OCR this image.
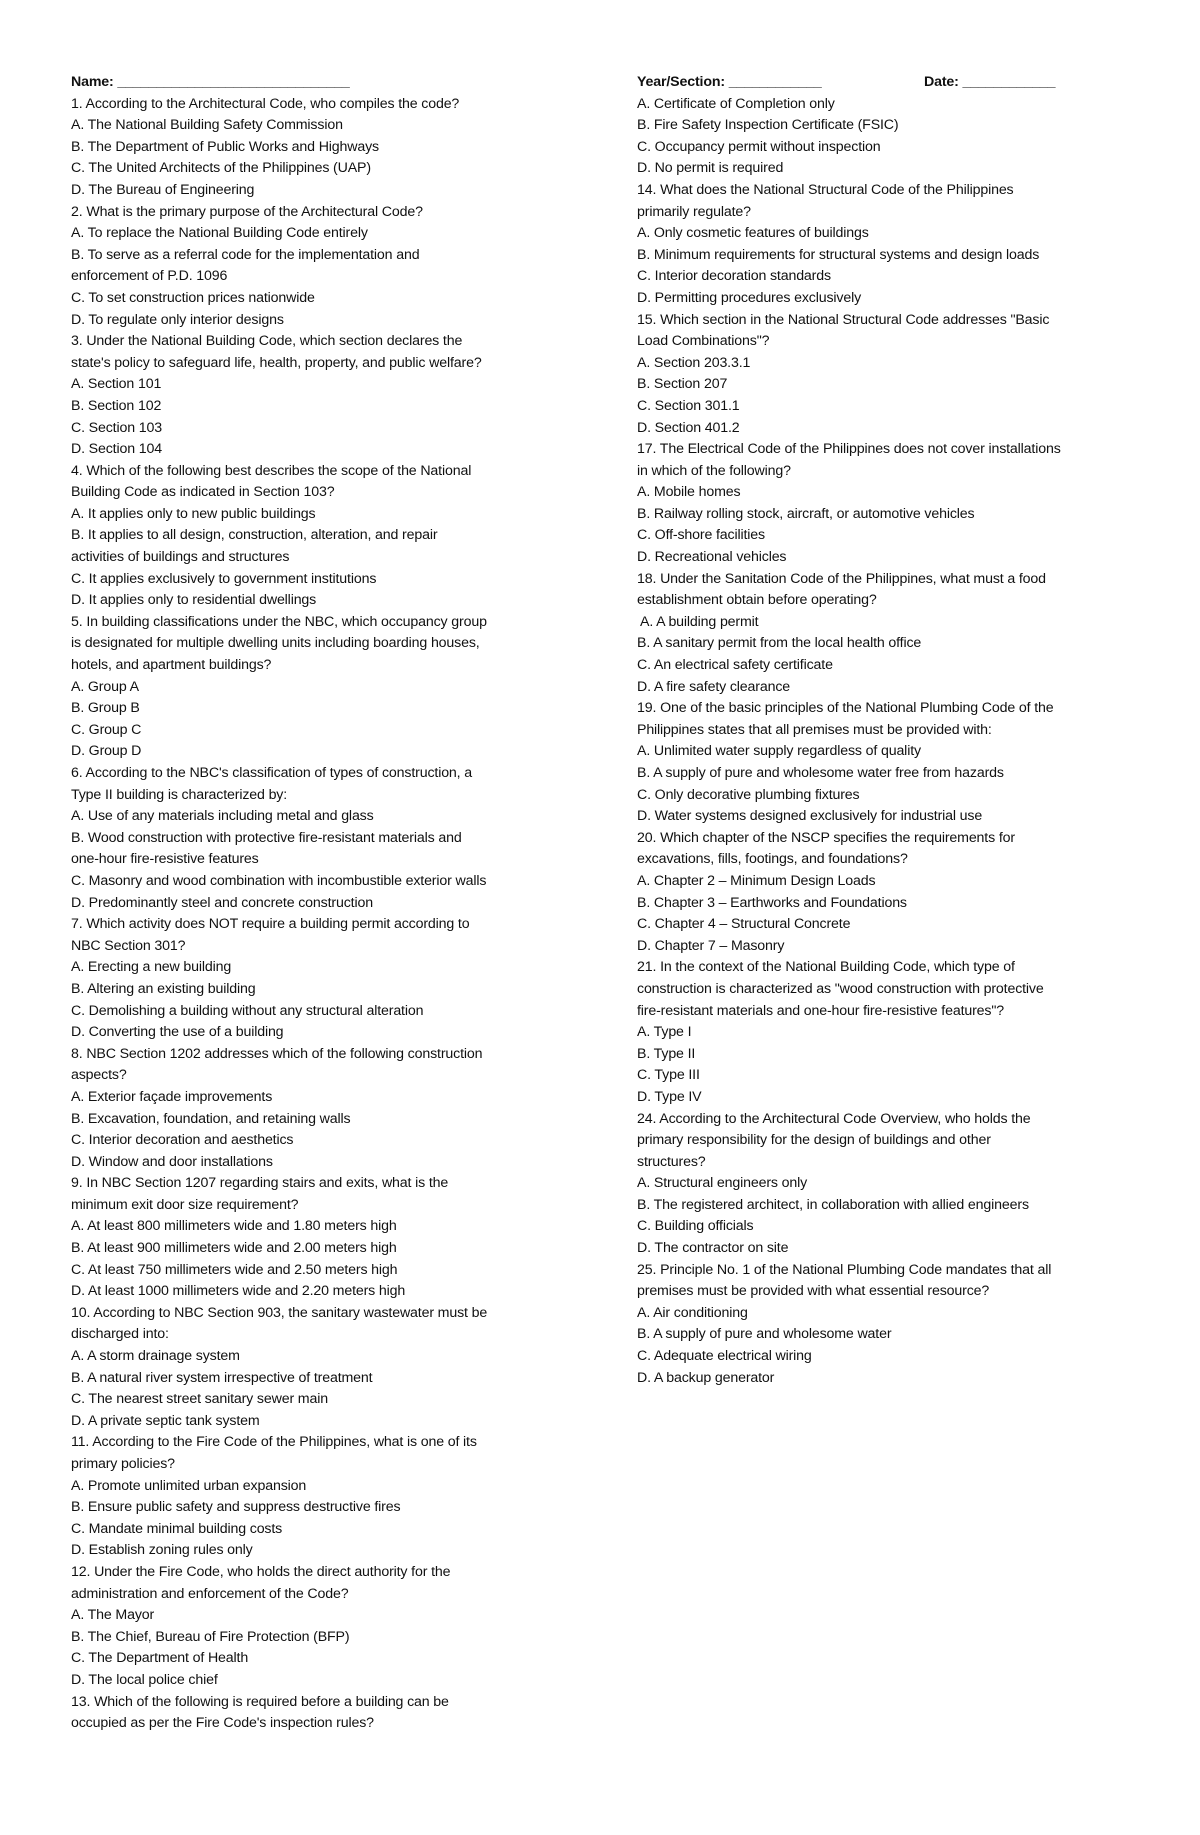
Name: ______________________________
1. According to the Architectural Code, who compiles the code?
A. The National Building Safety Commission
B. The Department of Public Works and Highways
C. The United Architects of the Philippines (UAP)
D. The Bureau of Engineering
2. What is the primary purpose of the Architectural Code?
A. To replace the National Building Code entirely
B. To serve as a referral code for the implementation and
enforcement of P.D. 1096
C. To set construction prices nationwide
D. To regulate only interior designs
3. Under the National Building Code, which section declares the
state's policy to safeguard life, health, property, and public welfare?
A. Section 101
B. Section 102
C. Section 103
D. Section 104
4. Which of the following best describes the scope of the National
Building Code as indicated in Section 103?
A. It applies only to new public buildings
B. It applies to all design, construction, alteration, and repair
activities of buildings and structures
C. It applies exclusively to government institutions
D. It applies only to residential dwellings
5. In building classifications under the NBC, which occupancy group
is designated for multiple dwelling units including boarding houses,
hotels, and apartment buildings?
A. Group A
B. Group B
C. Group C
D. Group D
6. According to the NBC's classification of types of construction, a
Type II building is characterized by:
A. Use of any materials including metal and glass
B. Wood construction with protective fire-resistant materials and
one-hour fire-resistive features
C. Masonry and wood combination with incombustible exterior walls
D. Predominantly steel and concrete construction
7. Which activity does NOT require a building permit according to
NBC Section 301?
A. Erecting a new building
B. Altering an existing building
C. Demolishing a building without any structural alteration
D. Converting the use of a building
8. NBC Section 1202 addresses which of the following construction
aspects?
A. Exterior façade improvements
B. Excavation, foundation, and retaining walls
C. Interior decoration and aesthetics
D. Window and door installations
9. In NBC Section 1207 regarding stairs and exits, what is the
minimum exit door size requirement?
A. At least 800 millimeters wide and 1.80 meters high
B. At least 900 millimeters wide and 2.00 meters high
C. At least 750 millimeters wide and 2.50 meters high
D. At least 1000 millimeters wide and 2.20 meters high
10. According to NBC Section 903, the sanitary wastewater must be
discharged into:
A. A storm drainage system
B. A natural river system irrespective of treatment
C. The nearest street sanitary sewer main
D. A private septic tank system
11. According to the Fire Code of the Philippines, what is one of its
primary policies?
A. Promote unlimited urban expansion
B. Ensure public safety and suppress destructive fires
C. Mandate minimal building costs
D. Establish zoning rules only
12. Under the Fire Code, who holds the direct authority for the
administration and enforcement of the Code?
A. The Mayor
B. The Chief, Bureau of Fire Protection (BFP)
C. The Department of Health
D. The local police chief
13. Which of the following is required before a building can be
occupied as per the Fire Code's inspection rules?
Year/Section: ____________	Date: ____________
A. Certificate of Completion only
B. Fire Safety Inspection Certificate (FSIC)
C. Occupancy permit without inspection
D. No permit is required
14. What does the National Structural Code of the Philippines
primarily regulate?
A. Only cosmetic features of buildings
B. Minimum requirements for structural systems and design loads
C. Interior decoration standards
D. Permitting procedures exclusively
15. Which section in the National Structural Code addresses "Basic
Load Combinations"?
A. Section 203.3.1
B. Section 207
C. Section 301.1
D. Section 401.2
17. The Electrical Code of the Philippines does not cover installations
in which of the following?
A. Mobile homes
B. Railway rolling stock, aircraft, or automotive vehicles
C. Off-shore facilities
D. Recreational vehicles
18. Under the Sanitation Code of the Philippines, what must a food
establishment obtain before operating?
A. A building permit
B. A sanitary permit from the local health office
C. An electrical safety certificate
D. A fire safety clearance
19. One of the basic principles of the National Plumbing Code of the
Philippines states that all premises must be provided with:
A. Unlimited water supply regardless of quality
B. A supply of pure and wholesome water free from hazards
C. Only decorative plumbing fixtures
D. Water systems designed exclusively for industrial use
20. Which chapter of the NSCP specifies the requirements for
excavations, fills, footings, and foundations?
A. Chapter 2 – Minimum Design Loads
B. Chapter 3 – Earthworks and Foundations
C. Chapter 4 – Structural Concrete
D. Chapter 7 – Masonry
21. In the context of the National Building Code, which type of
construction is characterized as "wood construction with protective
fire-resistant materials and one-hour fire-resistive features"?
A. Type I
B. Type II
C. Type III
D. Type IV
24. According to the Architectural Code Overview, who holds the
primary responsibility for the design of buildings and other
structures?
A. Structural engineers only
B. The registered architect, in collaboration with allied engineers
C. Building officials
D. The contractor on site
25. Principle No. 1 of the National Plumbing Code mandates that all
premises must be provided with what essential resource?
A. Air conditioning
B. A supply of pure and wholesome water
C. Adequate electrical wiring
D. A backup generator
